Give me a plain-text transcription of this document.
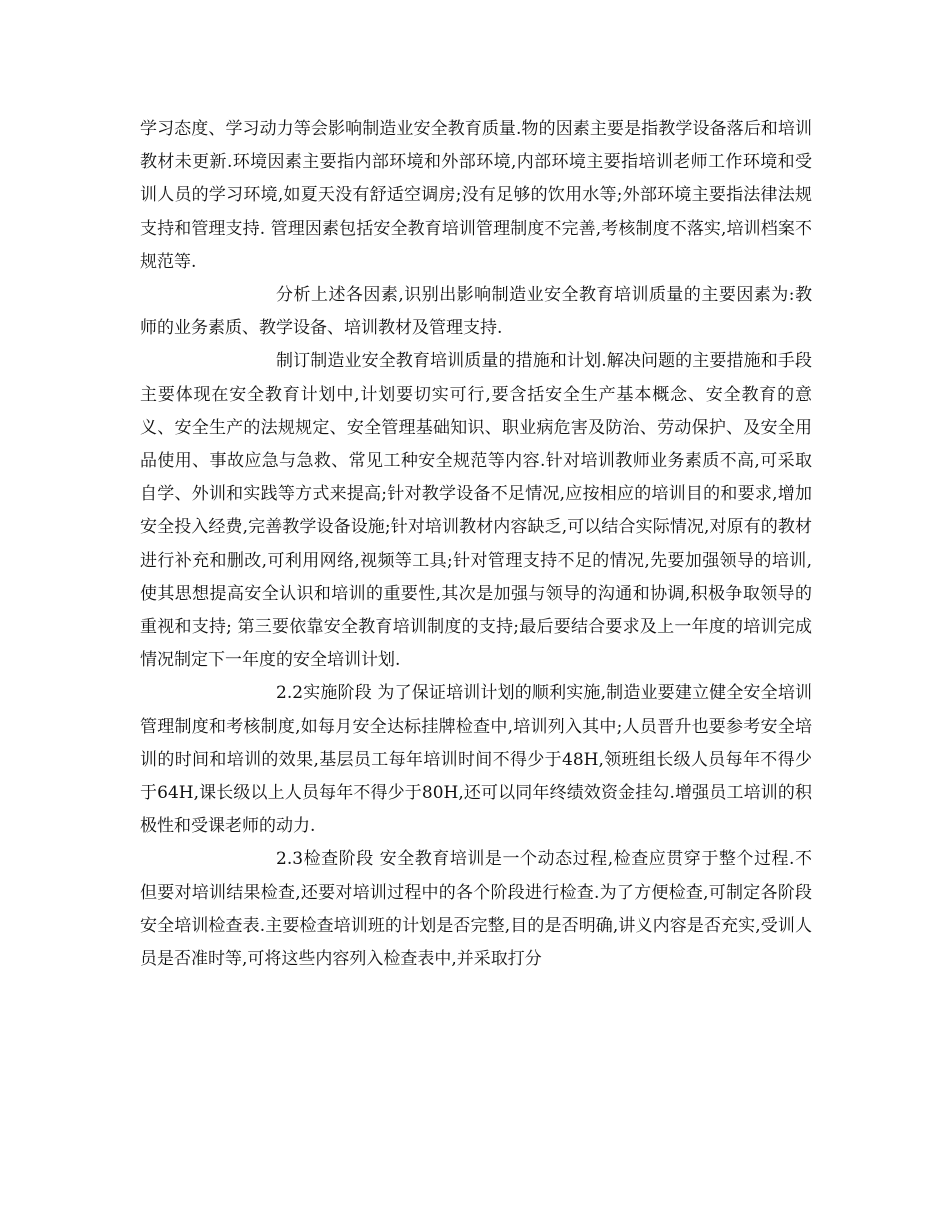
学习态度、学习动力等会影响制造业安全教育质量.物的因素主要是指教学设备落后和培训教材未更新.环境因素主要指内部环境和外部环境,内部环境主要指培训老师工作环境和受训人员的学习环境,如夏天没有舒适空调房;没有足够的饮用水等;外部环境主要指法律法规支持和管理支持. 管理因素包括安全教育培训管理制度不完善,考核制度不落实,培训档案不规范等.

分析上述各因素,识别出影响制造业安全教育培训质量的主要因素为:教师的业务素质、教学设备、培训教材及管理支持.

制订制造业安全教育培训质量的措施和计划.解决问题的主要措施和手段主要体现在安全教育计划中,计划要切实可行,要含括安全生产基本概念、安全教育的意义、安全生产的法规规定、安全管理基础知识、职业病危害及防治、劳动保护、及安全用品使用、事故应急与急救、常见工种安全规范等内容.针对培训教师业务素质不高,可采取自学、外训和实践等方式来提高;针对教学设备不足情况,应按相应的培训目的和要求,增加安全投入经费,完善教学设备设施;针对培训教材内容缺乏,可以结合实际情况,对原有的教材进行补充和删改,可利用网络,视频等工具;针对管理支持不足的情况,先要加强领导的培训,使其思想提高安全认识和培训的重要性,其次是加强与领导的沟通和协调,积极争取领导的重视和支持; 第三要依靠安全教育培训制度的支持;最后要结合要求及上一年度的培训完成情况制定下一年度的安全培训计划.

2.2实施阶段 为了保证培训计划的顺利实施,制造业要建立健全安全培训管理制度和考核制度,如每月安全达标挂牌检查中,培训列入其中;人员晋升也要参考安全培训的时间和培训的效果,基层员工每年培训时间不得少于48H,领班组长级人员每年不得少于64H,课长级以上人员每年不得少于80H,还可以同年终绩效资金挂勾.增强员工培训的积极性和受课老师的动力.

2.3检查阶段 安全教育培训是一个动态过程,检查应贯穿于整个过程.不但要对培训结果检查,还要对培训过程中的各个阶段进行检查.为了方便检查,可制定各阶段安全培训检查表.主要检查培训班的计划是否完整,目的是否明确,讲义内容是否充实,受训人员是否准时等,可将这些内容列入检查表中,并采取打分
